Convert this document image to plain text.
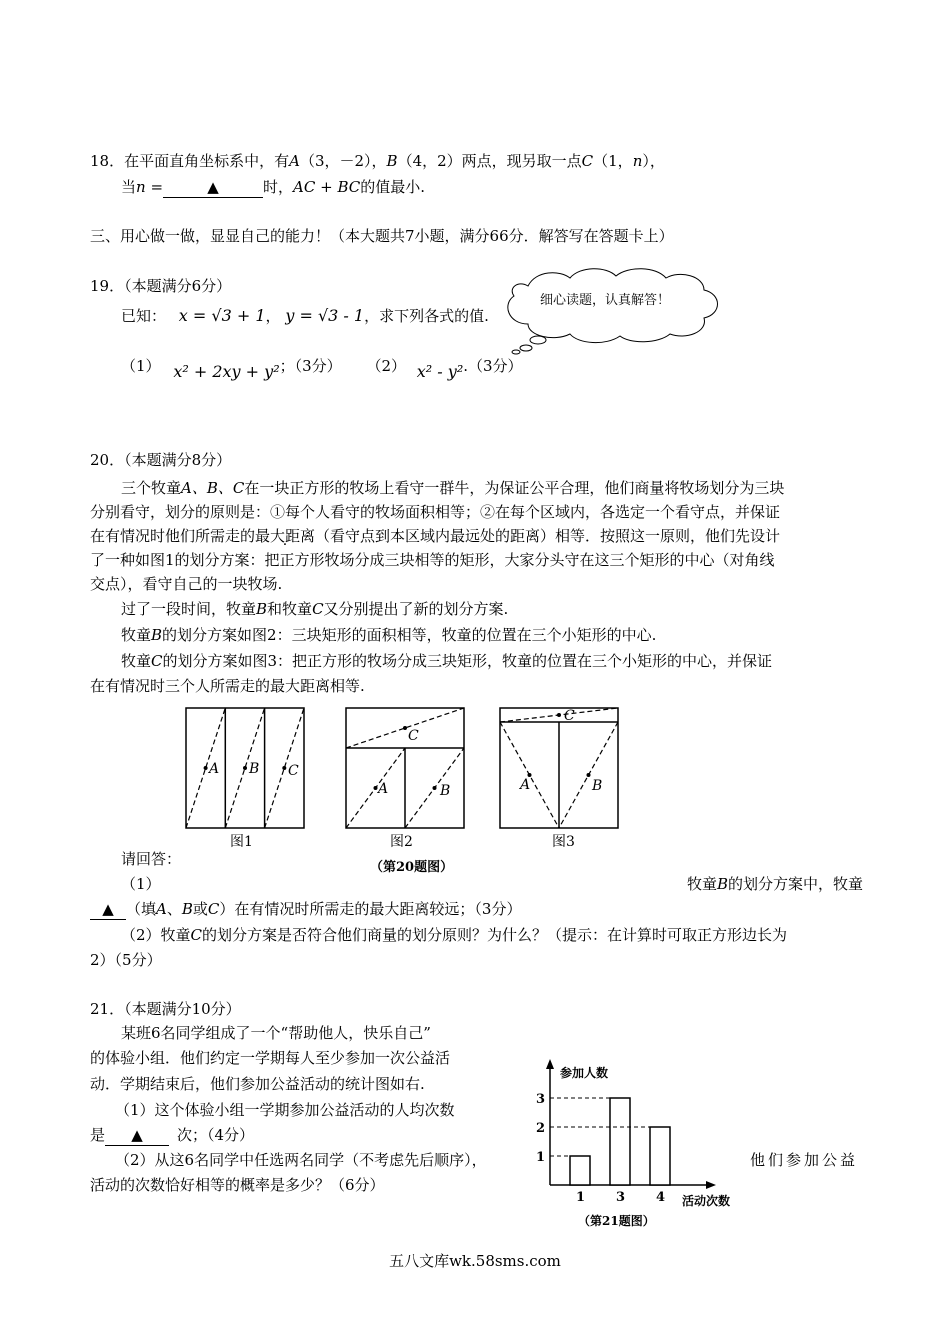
18．在平面直角坐标系中，有A（3，－2），B（4，2）两点，现另取一点C（1，n），
当n =	▲	时，AC + BC的值最小.
三、用心做一做，显显自己的能力！（本大题共7小题，满分66分．解答写在答题卡上）
19．（本题满分6分）
已知： x = √3 + 1， y = √3 - 1，求下列各式的值.
（1） x² + 2xy + y²；（3分） （2） x² - y².（3分）
细心读题，认真解答！
20．（本题满分8分）
三个牧童A、B、C在一块正方形的牧场上看守一群牛，为保证公平合理，他们商量将牧场划分为三块
分别看守，划分的原则是：①每个人看守的牧场面积相等；②在每个区域内，各选定一个看守点，并保证
在有情况时他们所需走的最大距离（看守点到本区域内最远处的距离）相等．按照这一原则，他们先设计
了一种如图1的划分方案：把正方形牧场分成三块相等的矩形，大家分头守在这三个矩形的中心（对角线
交点），看守自己的一块牧场.
过了一段时间，牧童B和牧童C又分别提出了新的划分方案.
牧童B的划分方案如图2：三块矩形的面积相等，牧童的位置在三个小矩形的中心.
牧童C的划分方案如图3：把正方形的牧场分成三块矩形，牧童的位置在三个小矩形的中心，并保证
在有情况时三个人所需走的最大距离相等.
A B C
C
A	B
C
A	B
图1	图2	图3
（第20题图）
请回答：
（1）	牧童B的划分方案中，牧童
▲ （填A、B或C）在有情况时所需走的最大距离较远；（3分）
（2）牧童C的划分方案是否符合他们商量的划分原则？为什么？（提示：在计算时可取正方形边长为
2）（5分）
21．（本题满分10分）
某班6名同学组成了一个“帮助他人，快乐自己”
的体验小组．他们约定一学期每人至少参加一次公益活
动．学期结束后，他们参加公益活动的统计图如右.
（1）这个体验小组一学期参加公益活动的人均次数
是 ▲ 次；（4分）
（2）从这6名同学中任选两名同学（不考虑先后顺序），	他们参加公益
活动的次数恰好相等的概率是多少？（6分）
1 3 4
1
2
3
参加人数
活动次数
（第21题图）
五八文库wk.58sms.com
